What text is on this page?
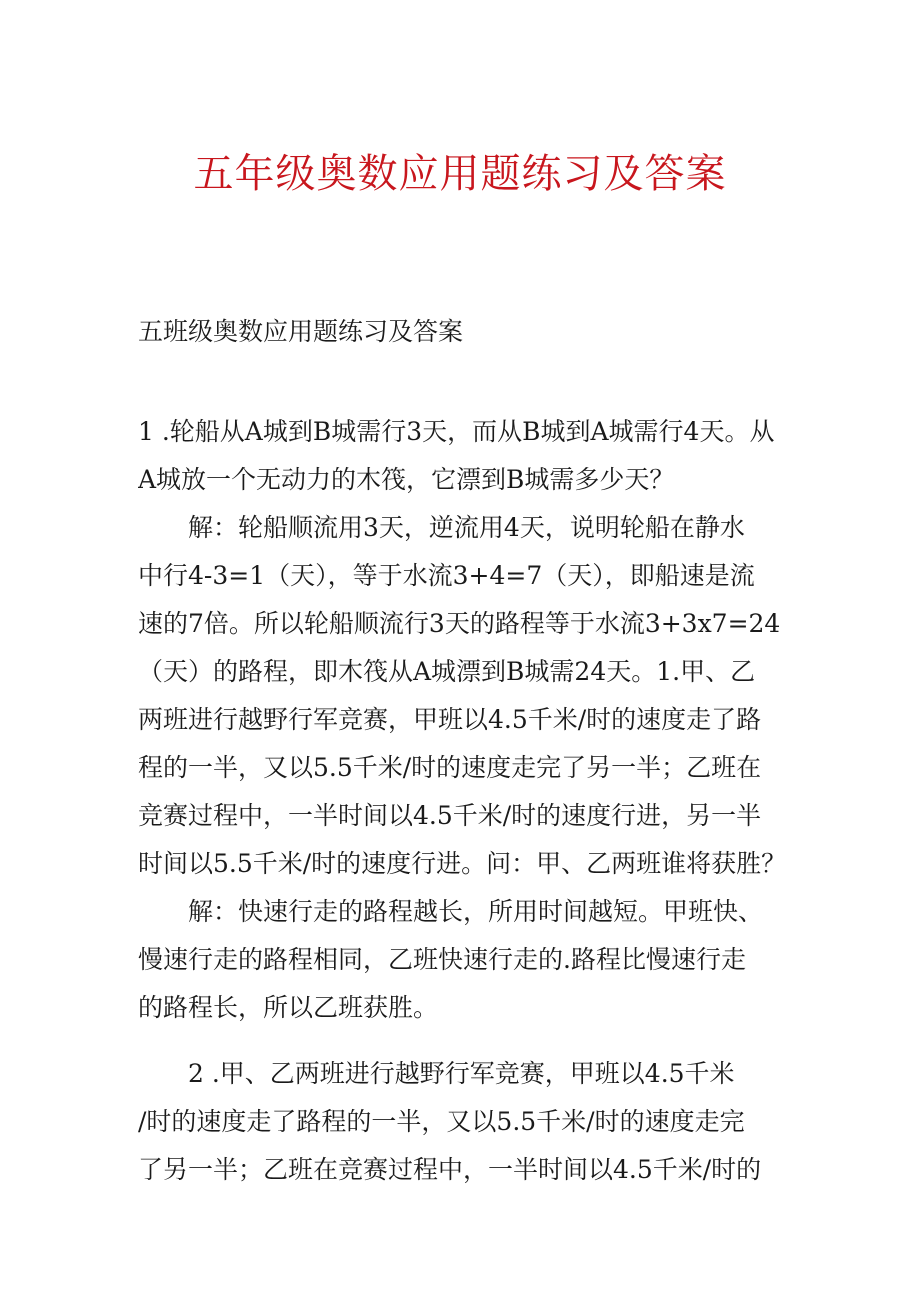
五年级奥数应用题练习及答案
五班级奥数应用题练习及答案
1 .轮船从A城到B城需行3天，而从B城到A城需行4天。从
A城放一个无动力的木筏，它漂到B城需多少天？
解：轮船顺流用3天，逆流用4天，说明轮船在静水
中行4-3=1（天），等于水流3+4=7（天），即船速是流
速的7倍。所以轮船顺流行3天的路程等于水流3+3x7=24
（天）的路程，即木筏从A城漂到B城需24天。1.甲、乙
两班进行越野行军竞赛，甲班以4.5千米/时的速度走了路
程的一半，又以5.5千米/时的速度走完了另一半；乙班在
竞赛过程中，一半时间以4.5千米/时的速度行进，另一半
时间以5.5千米/时的速度行进。问：甲、乙两班谁将获胜？
解：快速行走的路程越长，所用时间越短。甲班快、
慢速行走的路程相同，乙班快速行走的.路程比慢速行走
的路程长，所以乙班获胜。
2 .甲、乙两班进行越野行军竞赛，甲班以4.5千米
/时的速度走了路程的一半，又以5.5千米/时的速度走完
了另一半；乙班在竞赛过程中，一半时间以4.5千米/时的
